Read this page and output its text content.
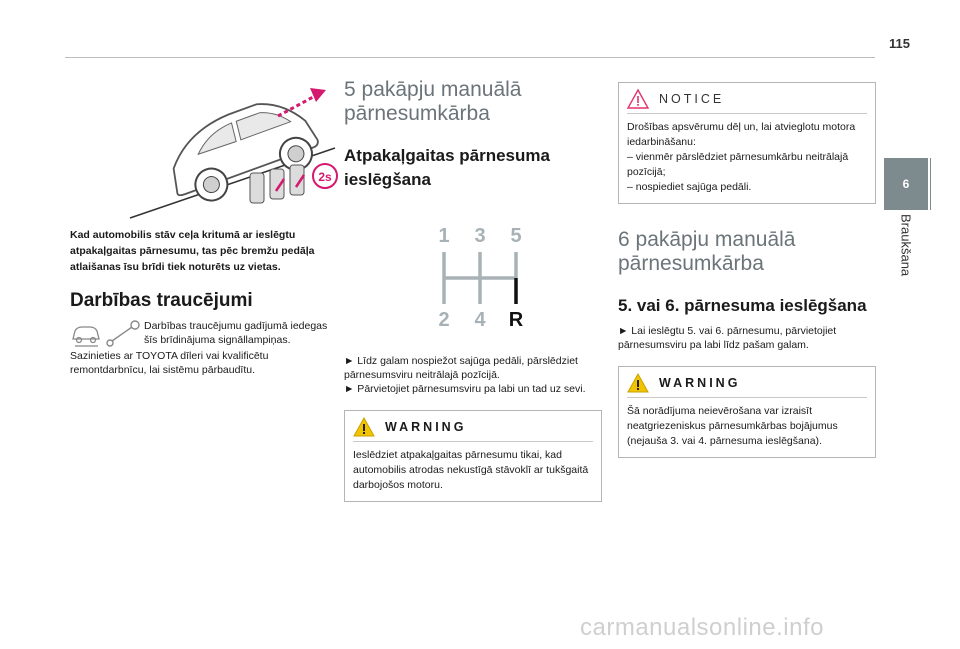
115
6
Braukšana
2s

Kad automobilis stāv ceļa kritumā ar ieslēgtu atpakaļgaitas pārnesumu, tas pēc bremžu pedāļa atlaišanas īsu brīdi tiek noturēts uz vietas.

Darbības traucējumi

Darbības traucējumu gadījumā iedegas šīs brīdinājuma signāllampiņas.

Sazinieties ar TOYOTA dīleri vai kvalificētu remontdarbnīcu, lai sistēmu pārbaudītu.

5 pakāpju manuālā pārnesumkārba
Atpakaļgaitas pārnesuma ieslēgšana
1 3 5
2 4 R

► Līdz galam nospiežot sajūga pedāli, pārslēdziet pārnesumsviru neitrālajā pozīcijā.

► Pārvietojiet pārnesumsviru pa labi un tad uz sevi.

WARNING

Ieslēdziet atpakaļgaitas pārnesumu tikai, kad automobilis atrodas nekustīgā stāvoklī ar tukšgaitā darbojošos motoru.

NOTICE

Drošības apsvērumu dēļ un, lai atvieglotu motora iedarbināšanu:

– vienmēr pārslēdziet pārnesumkārbu neitrālajā pozīcijā;

– nospiediet sajūga pedāli.

6 pakāpju manuālā pārnesumkārba
5. vai 6. pārnesuma ieslēgšana

► Lai ieslēgtu 5. vai 6. pārnesumu, pārvietojiet pārnesumsviru pa labi līdz pašam galam.

WARNING

Šā norādījuma neievērošana var izraisīt neatgriezeniskus pārnesumkārbas bojājumus (nejauša 3. vai 4. pārnesuma ieslēgšana).

carmanualsonline.info
